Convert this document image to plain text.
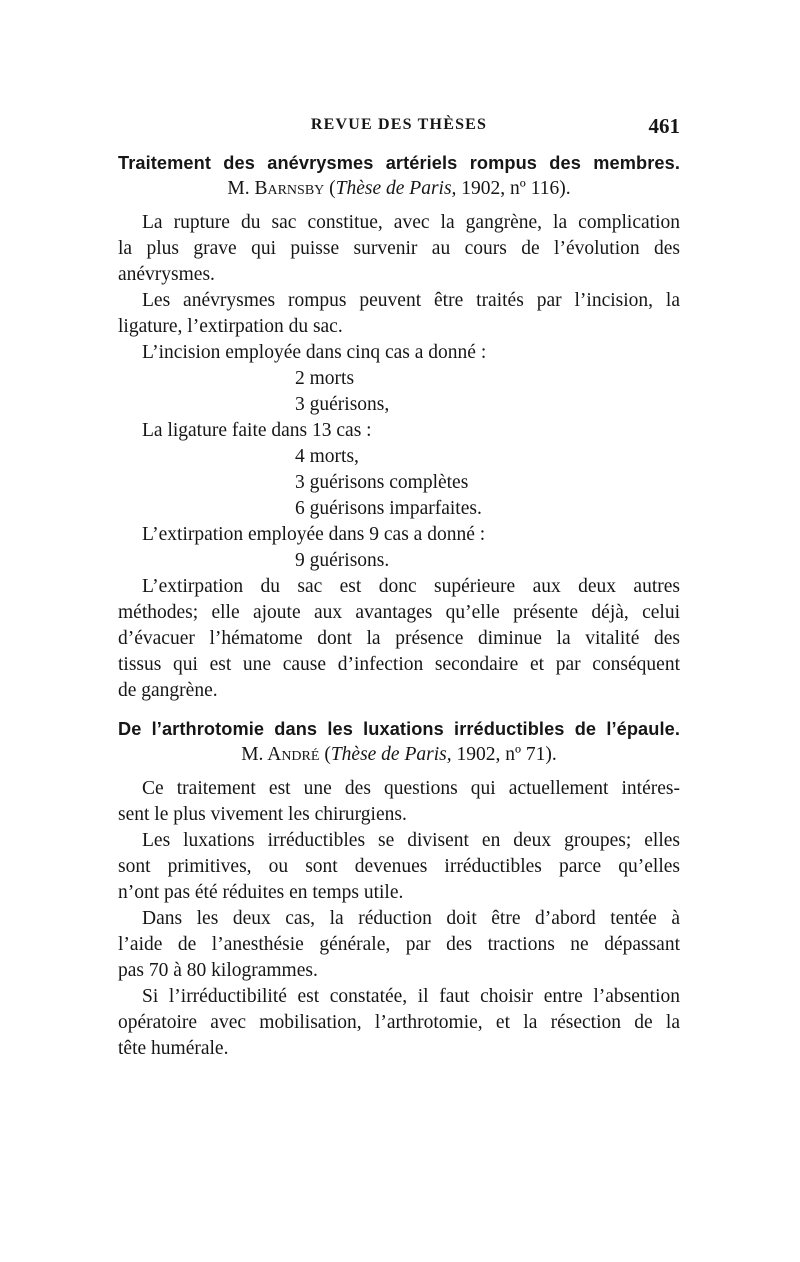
REVUE DES THÈSES	461
Traitement des anévrysmes artériels rompus des membres.
M. Barnsby (Thèse de Paris, 1902, nº 116).
La rupture du sac constitue, avec la gangrène, la complication
la plus grave qui puisse survenir au cours de l’évolution des
anévrysmes.
Les anévrysmes rompus peuvent être traités par l’incision, la
ligature, l’extirpation du sac.
L’incision employée dans cinq cas a donné :
2 morts
3 guérisons,
La ligature faite dans 13 cas :
4 morts,
3 guérisons complètes
6 guérisons imparfaites.
L’extirpation employée dans 9 cas a donné :
9 guérisons.
L’extirpation du sac est donc supérieure aux deux autres
méthodes; elle ajoute aux avantages qu’elle présente déjà, celui
d’évacuer l’hématome dont la présence diminue la vitalité des
tissus qui est une cause d’infection secondaire et par conséquent
de gangrène.
De l’arthrotomie dans les luxations irréductibles de l’épaule.
M. André (Thèse de Paris, 1902, nº 71).
Ce traitement est une des questions qui actuellement intéres-
sent le plus vivement les chirurgiens.
Les luxations irréductibles se divisent en deux groupes; elles
sont primitives, ou sont devenues irréductibles parce qu’elles
n’ont pas été réduites en temps utile.
Dans les deux cas, la réduction doit être d’abord tentée à
l’aide de l’anesthésie générale, par des tractions ne dépassant
pas 70 à 80 kilogrammes.
Si l’irréductibilité est constatée, il faut choisir entre l’absention
opératoire avec mobilisation, l’arthrotomie, et la résection de la
tête humérale.
